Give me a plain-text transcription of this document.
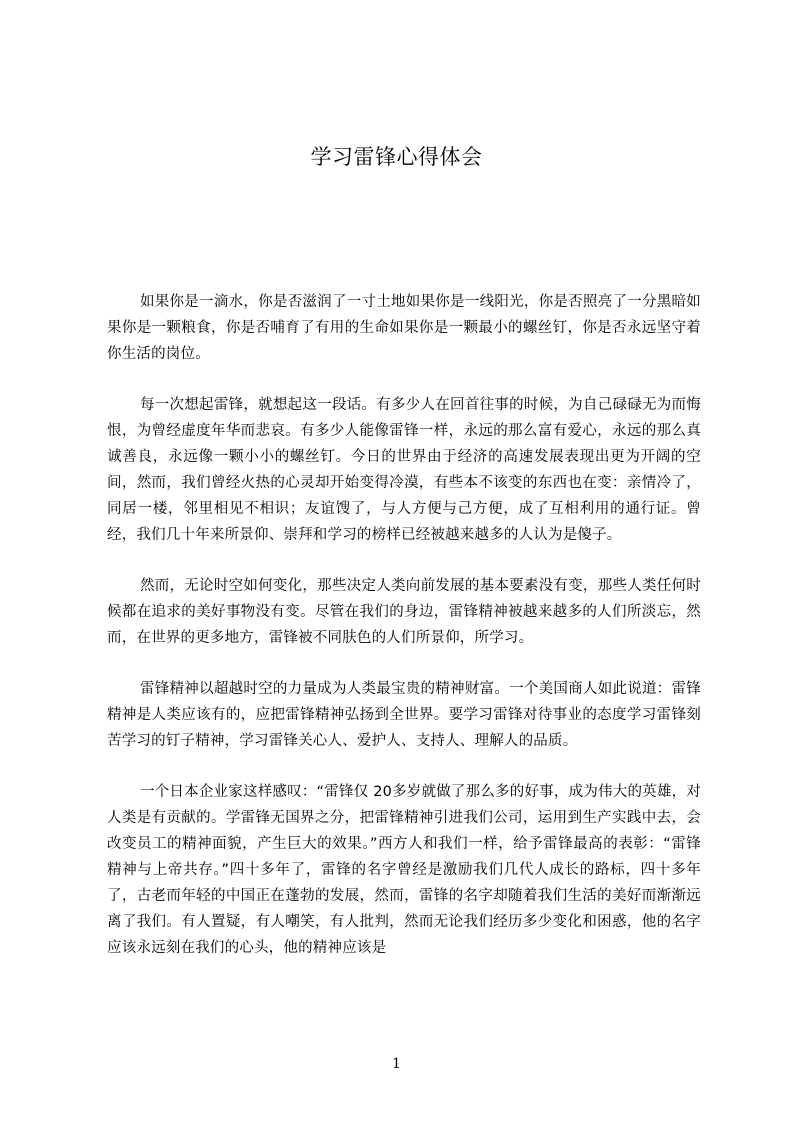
学习雷锋心得体会

如果你是一滴水，你是否滋润了一寸土地如果你是一线阳光，你是否照亮了一分黑暗如果你是一颗粮食，你是否哺育了有用的生命如果你是一颗最小的螺丝钉，你是否永远坚守着你生活的岗位。

每一次想起雷锋，就想起这一段话。有多少人在回首往事的时候，为自己碌碌无为而悔恨，为曾经虚度年华而悲哀。有多少人能像雷锋一样，永远的那么富有爱心，永远的那么真诚善良，永远像一颗小小的螺丝钉。今日的世界由于经济的高速发展表现出更为开阔的空间，然而，我们曾经火热的心灵却开始变得冷漠，有些本不该变的东西也在变：亲情冷了，同居一楼，邻里相见不相识；友谊馊了，与人方便与己方便，成了互相利用的通行证。曾经，我们几十年来所景仰、崇拜和学习的榜样已经被越来越多的人认为是傻子。

然而，无论时空如何变化，那些决定人类向前发展的基本要素没有变，那些人类任何时候都在追求的美好事物没有变。尽管在我们的身边，雷锋精神被越来越多的人们所淡忘，然而，在世界的更多地方，雷锋被不同肤色的人们所景仰，所学习。

雷锋精神以超越时空的力量成为人类最宝贵的精神财富。一个美国商人如此说道：雷锋精神是人类应该有的，应把雷锋精神弘扬到全世界。要学习雷锋对待事业的态度学习雷锋刻苦学习的钉子精神，学习雷锋关心人、爱护人、支持人、理解人的品质。

一个日本企业家这样感叹：“雷锋仅 20多岁就做了那么多的好事，成为伟大的英雄，对人类是有贡献的。学雷锋无国界之分，把雷锋精神引进我们公司，运用到生产实践中去，会改变员工的精神面貌，产生巨大的效果。”西方人和我们一样，给予雷锋最高的表彰：“雷锋精神与上帝共存。”四十多年了，雷锋的名字曾经是激励我们几代人成长的路标，四十多年了，古老而年轻的中国正在蓬勃的发展，然而，雷锋的名字却随着我们生活的美好而渐渐远离了我们。有人置疑，有人嘲笑，有人批判，然而无论我们经历多少变化和困惑，他的名字应该永远刻在我们的心头，他的精神应该是

1
